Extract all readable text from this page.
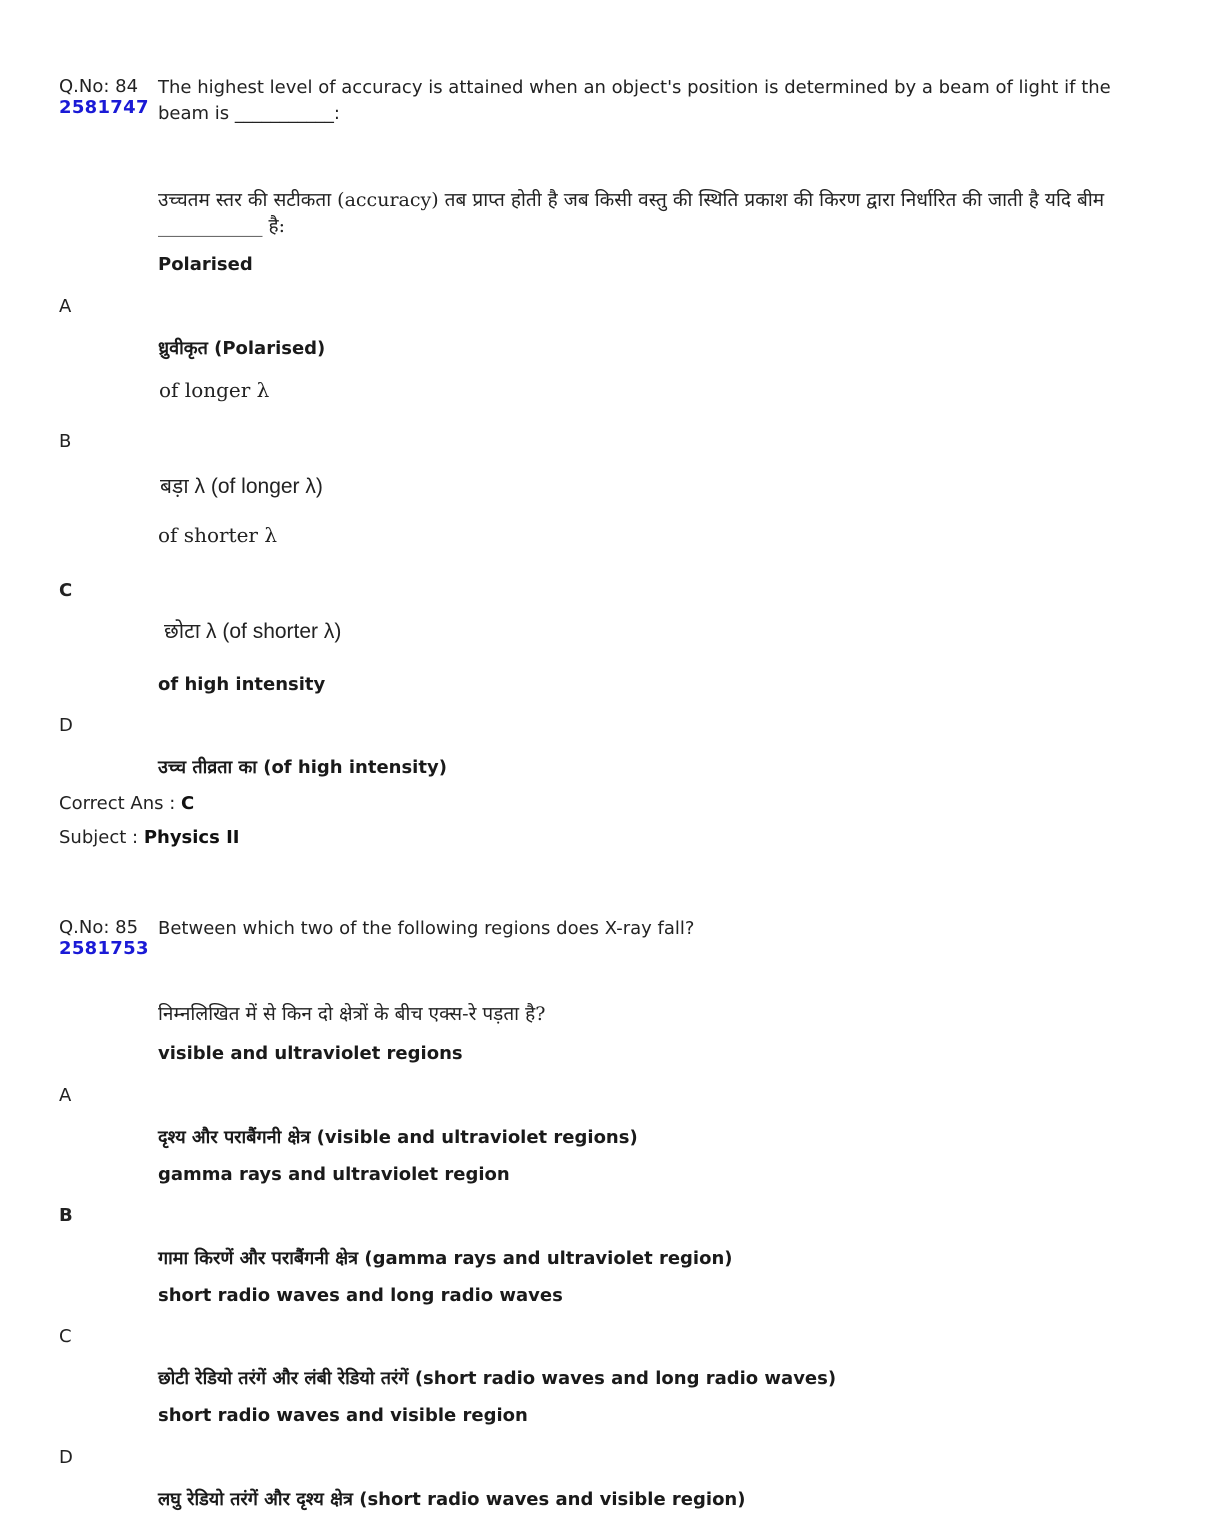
Q.No: 84
2581747
The highest level of accuracy is attained when an object's position is determined by a beam of light if the beam is ___________:
उच्चतम स्तर की सटीकता (accuracy) तब प्राप्त होती है जब किसी वस्तु की स्थिति प्रकाश की किरण द्वारा निर्धारित की जाती है यदि बीम ___________ है:
Polarised
A
ध्रुवीकृत (Polarised)
of longer λ
B
बड़ा λ (of longer λ)
of shorter λ
C
छोटा λ (of shorter λ)
of high intensity
D
उच्च तीव्रता का (of high intensity)
Correct Ans : C
Subject : Physics II
Q.No: 85
2581753
Between which two of the following regions does X-ray fall?
निम्नलिखित में से किन दो क्षेत्रों के बीच एक्स-रे पड़ता है?
visible and ultraviolet regions
A
दृश्य और पराबैंगनी क्षेत्र (visible and ultraviolet regions)
gamma rays and ultraviolet region
B
गामा किरणें और पराबैंगनी क्षेत्र (gamma rays and ultraviolet region)
short radio waves and long radio waves
C
छोटी रेडियो तरंगें और लंबी रेडियो तरंगें (short radio waves and long radio waves)
short radio waves and visible region
D
लघु रेडियो तरंगें और दृश्य क्षेत्र (short radio waves and visible region)
